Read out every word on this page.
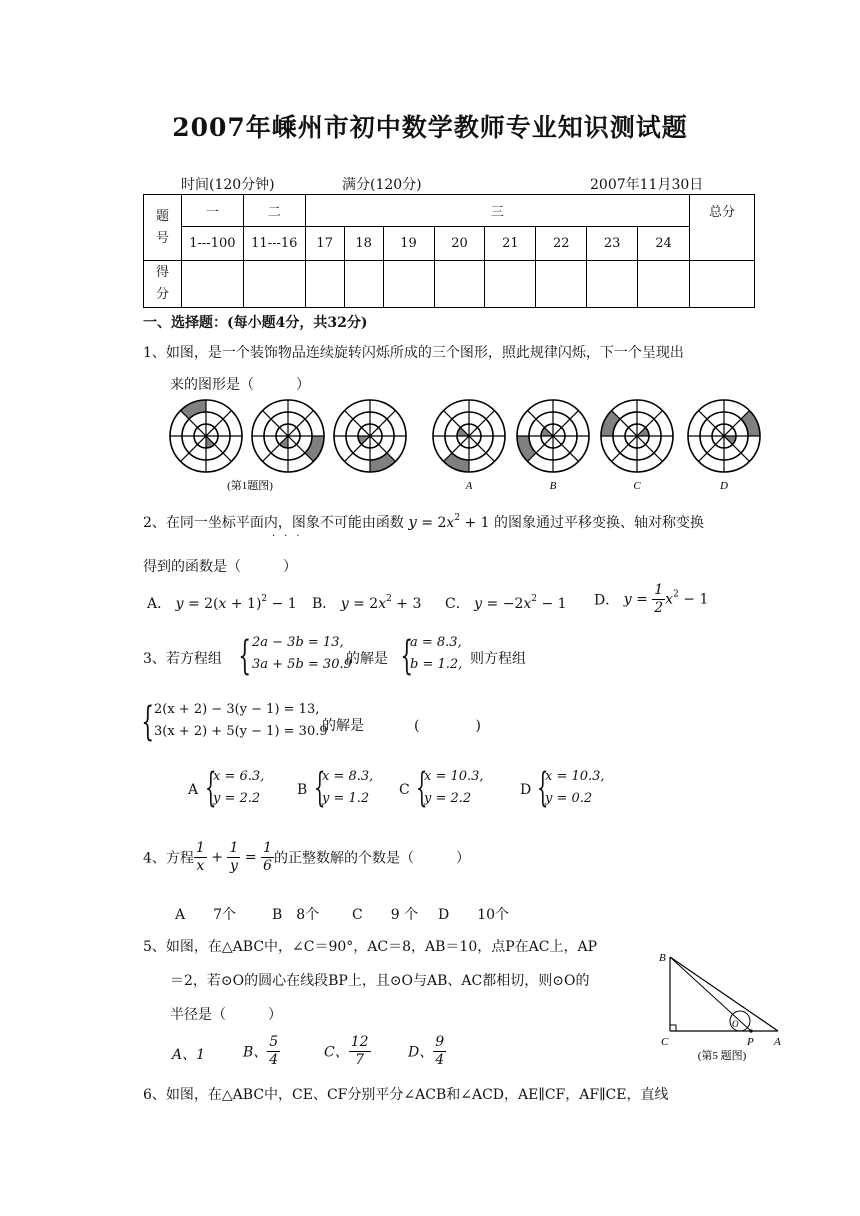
2007年嵊州市初中数学教师专业知识测试题
时间(120分钟)	满分(120分)	2007年11月30日
题号	一	二	三								总分
	1---100	11---16	17	18	19	20	21	22	23	24	
得分											
一、选择题：(每小题4分，共32分)
1、如图，是一个装饰物品连续旋转闪烁所成的三个图形，照此规律闪烁，下一个呈现出
来的图形是（　　　）
(第1题图)	A	B	C	D
2、在同一坐标平面内，图象不可能由函数 $y = 2x^2 + 1$ 的图象通过平移变换、轴对称变换
···
得到的函数是（　　　）
A． $y = 2(x + 1)^2 - 1$ B． $y = 2x^2 + 3$ C． $y = -2x^2 - 1$ D． $y = \frac{1}{2} x^2 - 1$
3、若方程组 { 2a − 3b = 13,
3a + 5b = 30.9
的解是 {
a = 8.3,
b = 1.2, 则方程组
{ 2(x + 2) − 3(y − 1) = 13,
3(x + 2) + 5(y − 1) = 30.9
的解是	(　　　　)
A {
x = 6.3,
y = 2.2
B {
x = 8.3,
y = 1.2
C {
x = 10.3,
y = 2.2
D {
x = 10.3,
y = 0.2
4、方程 $\frac{1}{x} + \frac{1}{y} = \frac{1}{6}$ 的正整数解的个数是（　　　）
A　　7个	B　8个 C　　9 个 D　　10个
5、如图，在△ABC中，∠C＝90°，AC＝8，AB＝10，点P在AC上，AP
＝2，若⊙O的圆心在线段BP上，且⊙O与AB、AC都相切，则⊙O的
半径是（　　　）
A、1	B、 $\frac{5}{4}$	C、 $\frac{12}{7}$	D、 $\frac{9}{4}$
B
C	P A
O
(第5 题图)
6、如图，在△ABC中，CE、CF分别平分∠ACB和∠ACD，AE∥CF，AF∥CE，直线
